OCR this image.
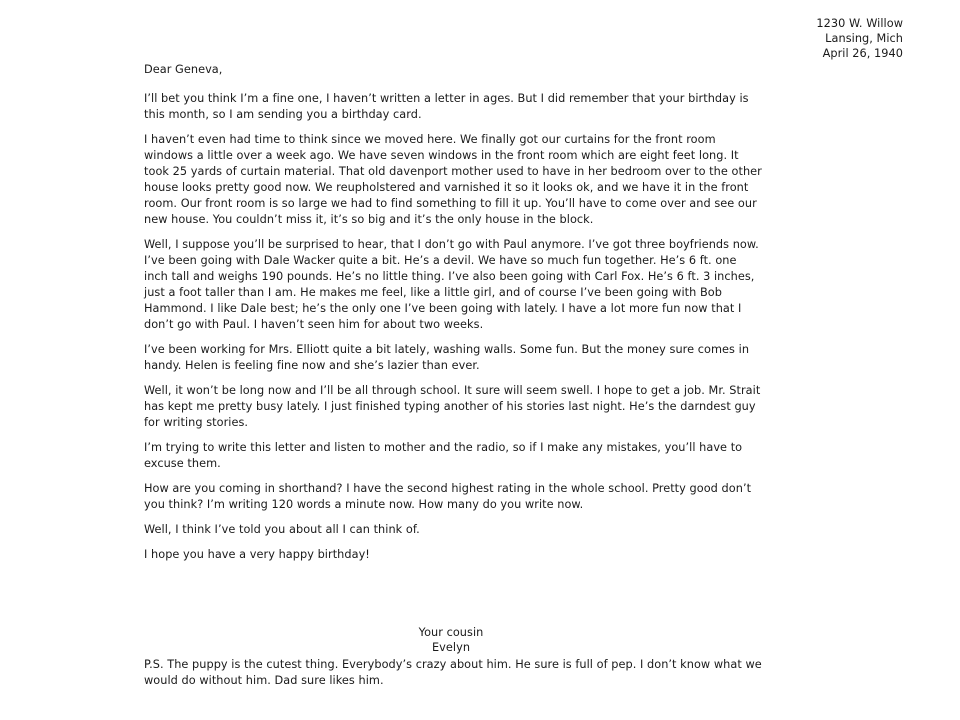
1230 W. Willow
Lansing, Mich
April 26, 1940
Dear Geneva,

I’ll bet you think I’m a fine one, I haven’t written a letter in ages. But I did remember that your birthday is this month, so I am sending you a birthday card.

I haven’t even had time to think since we moved here. We finally got our curtains for the front room windows a little over a week ago. We have seven windows in the front room which are eight feet long. It took 25 yards of curtain material. That old davenport mother used to have in her bedroom over to the other house looks pretty good now. We reupholstered and varnished it so it looks ok, and we have it in the front room. Our front room is so large we had to find something to fill it up. You’ll have to come over and see our new house. You couldn’t miss it, it’s so big and it’s the only house in the block.

Well, I suppose you’ll be surprised to hear, that I don’t go with Paul anymore. I’ve got three boyfriends now. I’ve been going with Dale Wacker quite a bit. He’s a devil. We have so much fun together. He’s 6 ft. one inch tall and weighs 190 pounds. He’s no little thing. I’ve also been going with Carl Fox. He’s 6 ft. 3 inches, just a foot taller than I am. He makes me feel, like a little girl, and of course I’ve been going with Bob Hammond. I like Dale best; he’s the only one I’ve been going with lately. I have a lot more fun now that I don’t go with Paul. I haven’t seen him for about two weeks.

I’ve been working for Mrs. Elliott quite a bit lately, washing walls. Some fun. But the money sure comes in handy. Helen is feeling fine now and she’s lazier than ever.

Well, it won’t be long now and I’ll be all through school. It sure will seem swell. I hope to get a job. Mr. Strait has kept me pretty busy lately. I just finished typing another of his stories last night. He’s the darndest guy for writing stories.

I’m trying to write this letter and listen to mother and the radio, so if I make any mistakes, you’ll have to excuse them.

How are you coming in shorthand? I have the second highest rating in the whole school. Pretty good don’t you think? I’m writing 120 words a minute now. How many do you write now.

Well, I think I’ve told you about all I can think of.

I hope you have a very happy birthday!

Your cousin
Evelyn
P.S. The puppy is the cutest thing. Everybody’s crazy about him. He sure is full of pep. I don’t know what we would do without him. Dad sure likes him.
